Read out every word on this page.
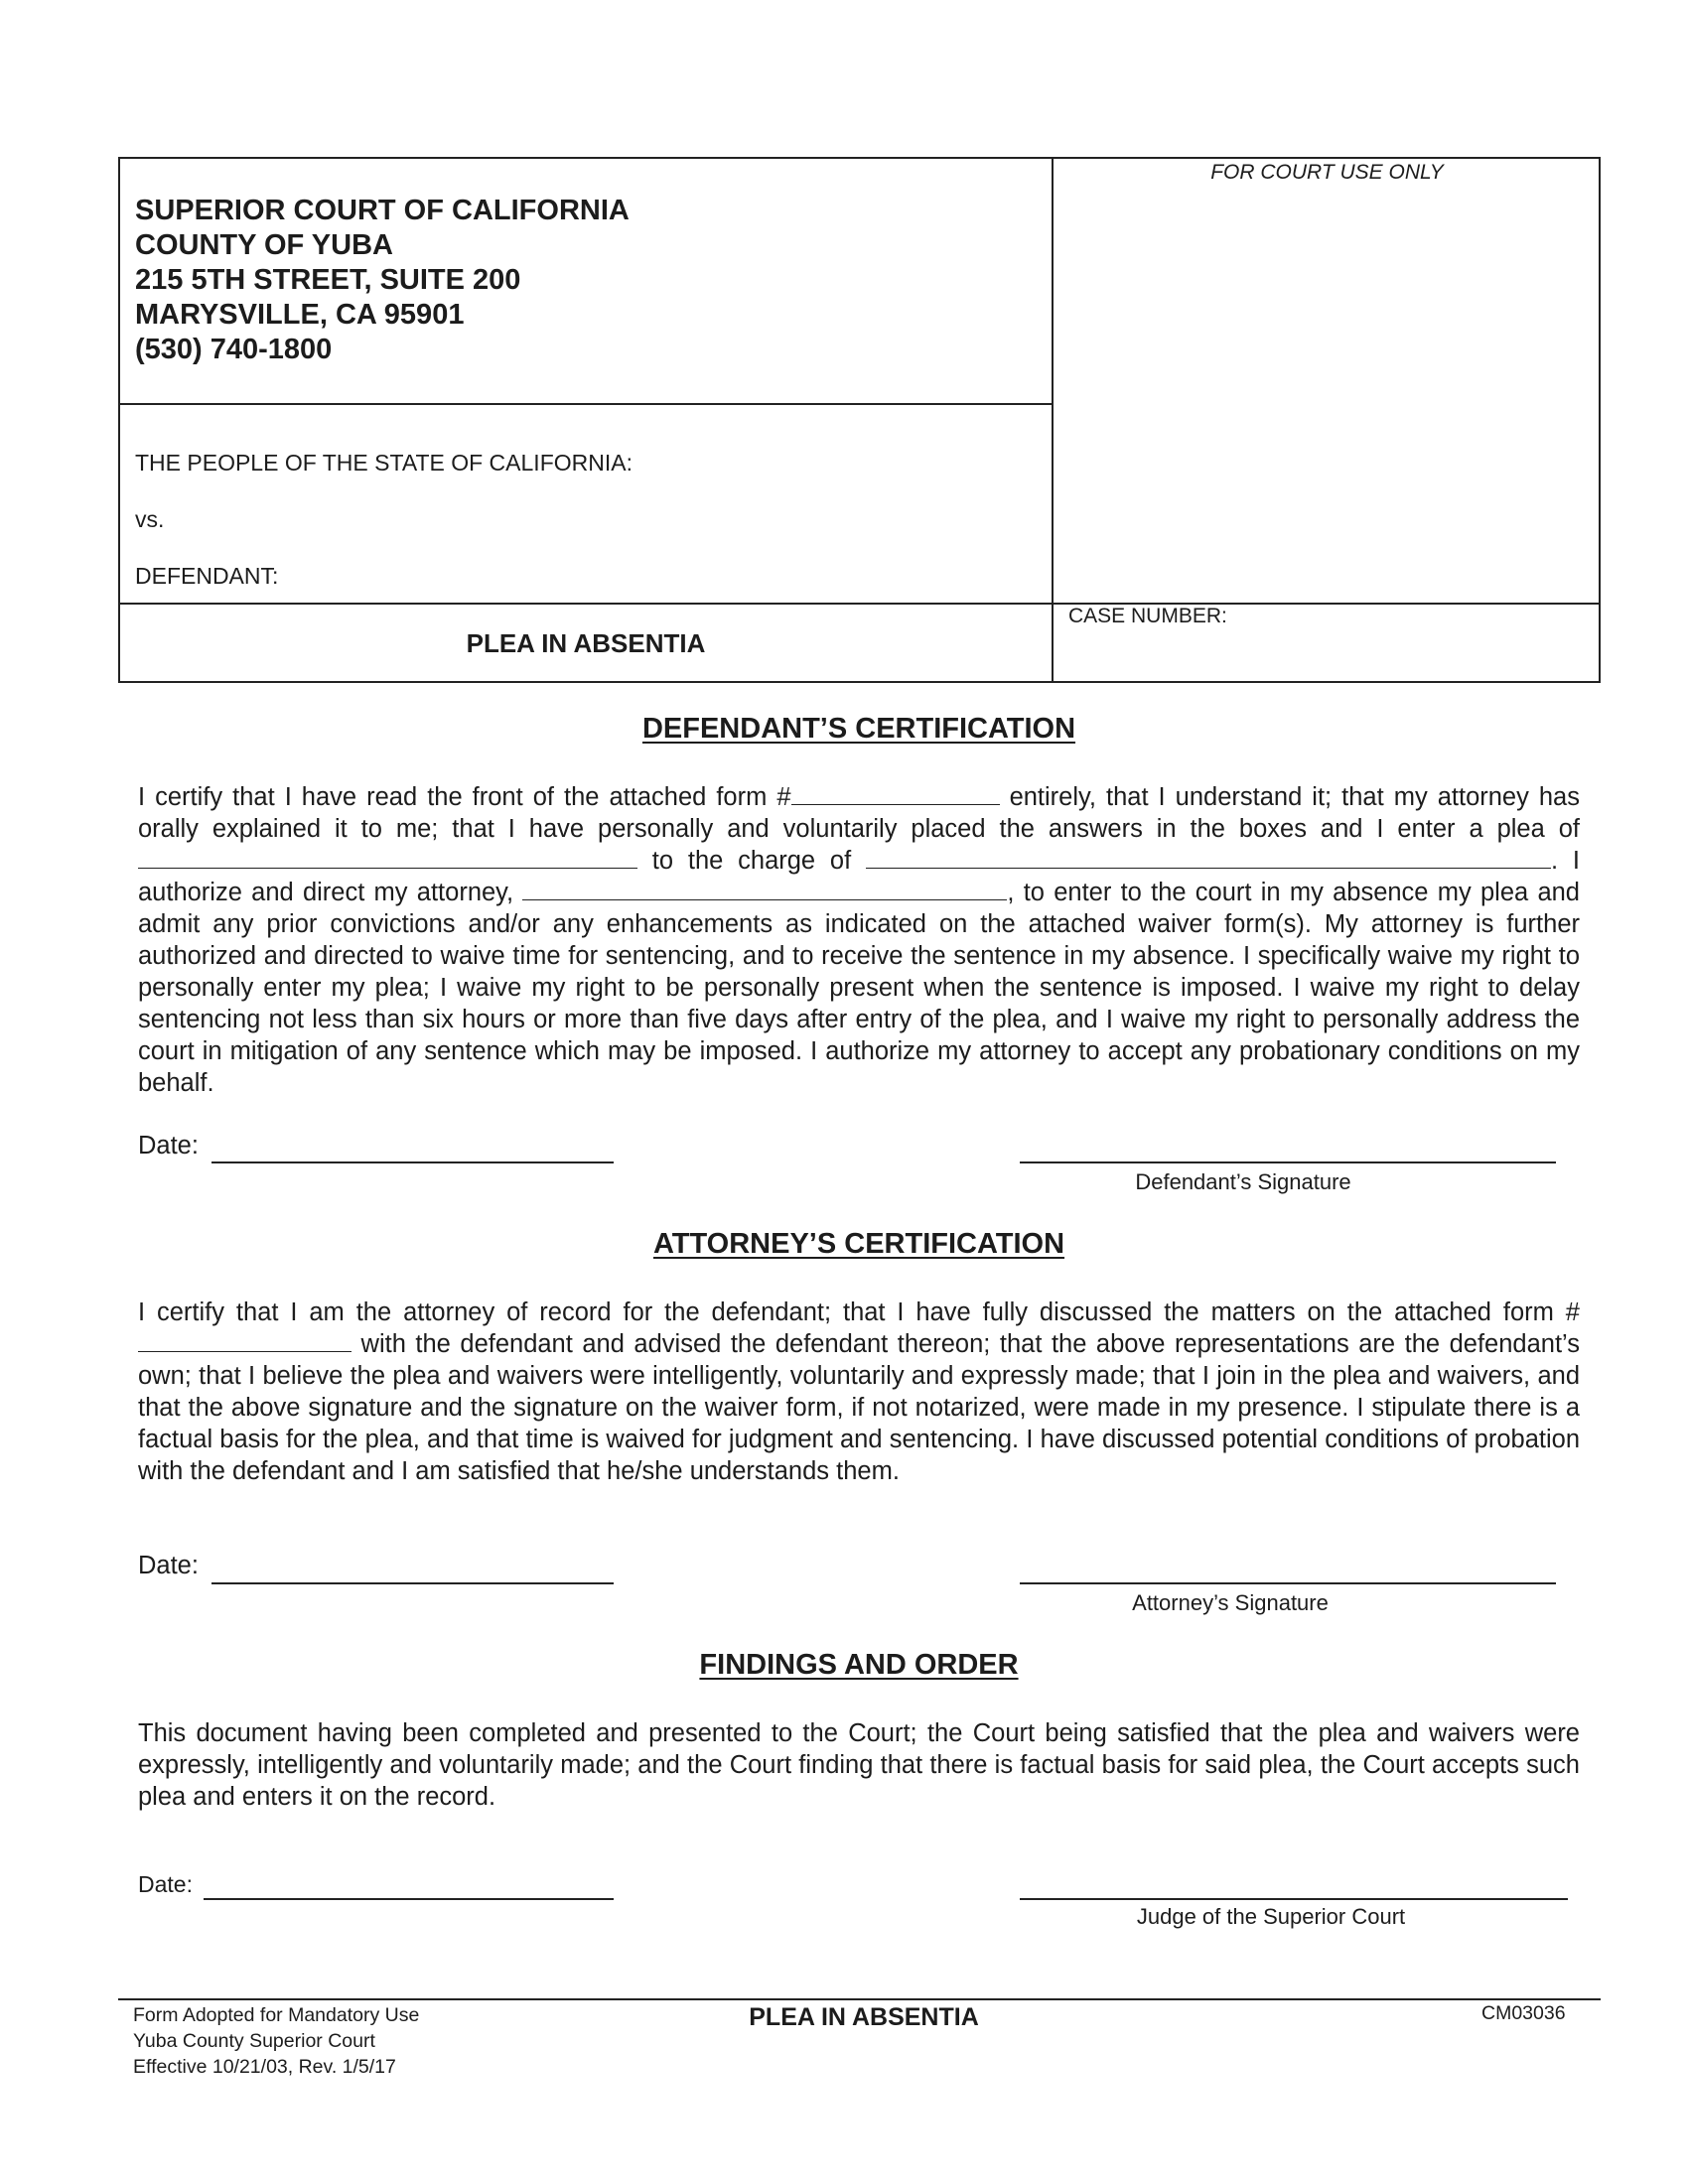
SUPERIOR COURT OF CALIFORNIA
COUNTY OF YUBA
215 5TH STREET, SUITE 200
MARYSVILLE, CA 95901
(530) 740-1800
FOR COURT USE ONLY
THE PEOPLE OF THE STATE OF CALIFORNIA:
vs.
DEFENDANT:
PLEA IN ABSENTIA
CASE NUMBER:
DEFENDANT’S CERTIFICATION

I certify that I have read the front of the attached form #	entirely, that I understand it; that my attorney has orally explained it to me; that I have personally and voluntarily placed the answers in the boxes and I enter a plea of  to the charge of	. I authorize and direct my attorney,	, to enter to the court in my absence my plea and admit any prior convictions and/or any enhancements as indicated on the attached waiver form(s). My attorney is further authorized and directed to waive time for sentencing, and to receive the sentence in my absence. I specifically waive my right to personally enter my plea; I waive my right to be personally present when the sentence is imposed. I waive my right to delay sentencing not less than six hours or more than five days after entry of the plea, and I waive my right to personally address the court in mitigation of any sentence which may be imposed. I authorize my attorney to accept any probationary conditions on my behalf.

Date:
Defendant’s Signature
ATTORNEY’S CERTIFICATION

I certify that I am the attorney of record for the defendant; that I have fully discussed the matters on the attached form #  with the defendant and advised the defendant thereon; that the above representations are the defendant’s own; that I believe the plea and waivers were intelligently, voluntarily and expressly made; that I join in the plea and waivers, and that the above signature and the signature on the waiver form, if not notarized, were made in my presence. I stipulate there is a factual basis for the plea, and that time is waived for judgment and sentencing. I have discussed potential conditions of probation with the defendant and I am satisfied that he/she understands them.

Date:
Attorney’s Signature
FINDINGS AND ORDER
This document having been completed and presented to the Court; the Court being satisfied that the plea and waivers were expressly, intelligently and voluntarily made; and the Court finding that there is factual basis for said plea, the Court accepts such plea and enters it on the record.
Date:
Judge of the Superior Court
Form Adopted for Mandatory Use
Yuba County Superior Court
Effective 10/21/03, Rev. 1/5/17
PLEA IN ABSENTIA	CM03036
